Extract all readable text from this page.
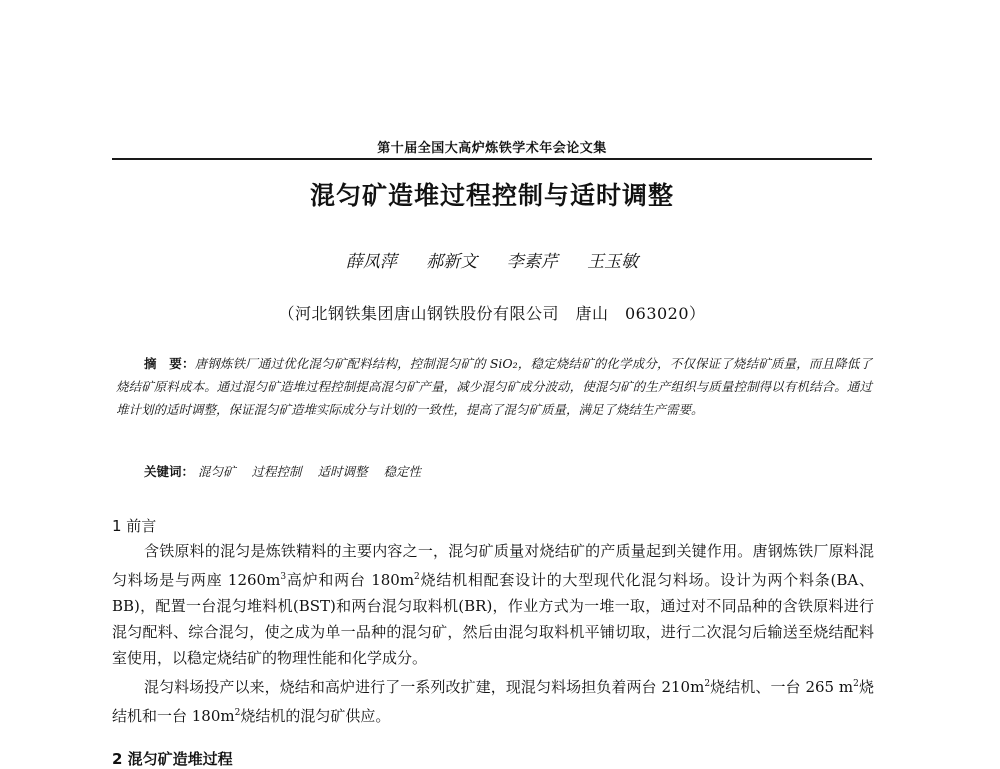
第十届全国大高炉炼铁学术年会论文集
混匀矿造堆过程控制与适时调整
薛凤萍 郝新文 李素芹 王玉敏
（河北钢铁集团唐山钢铁股份有限公司　唐山　063020）
摘　要：唐钢炼铁厂通过优化混匀矿配料结构，控制混匀矿的 SiO₂，稳定烧结矿的化学成分，不仅保证了烧结矿质量，而且降低了烧结矿原料成本。通过混匀矿造堆过程控制提高混匀矿产量，减少混匀矿成分波动，使混匀矿的生产组织与质量控制得以有机结合。通过堆计划的适时调整，保证混匀矿造堆实际成分与计划的一致性，提高了混匀矿质量，满足了烧结生产需要。
关键词： 混匀矿 过程控制 适时调整 稳定性
1 前言

含铁原料的混匀是炼铁精料的主要内容之一，混匀矿质量对烧结矿的产质量起到关键作用。唐钢炼铁厂原料混匀料场是与两座 $1260m^3$高炉和两台 $180m^2$烧结机相配套设计的大型现代化混匀料场。设计为两个料条(BA、BB)，配置一台混匀堆料机(BST)和两台混匀取料机(BR)，作业方式为一堆一取，通过对不同品种的含铁原料进行混匀配料、综合混匀，使之成为单一品种的混匀矿，然后由混匀取料机平铺切取，进行二次混匀后输送至烧结配料室使用，以稳定烧结矿的物理性能和化学成分。

混匀料场投产以来，烧结和高炉进行了一系列改扩建，现混匀料场担负着两台 $210m^2$烧结机、一台 265 $m^2$烧结机和一台 $180m^2$烧结机的混匀矿供应。

2 混匀矿造堆过程
